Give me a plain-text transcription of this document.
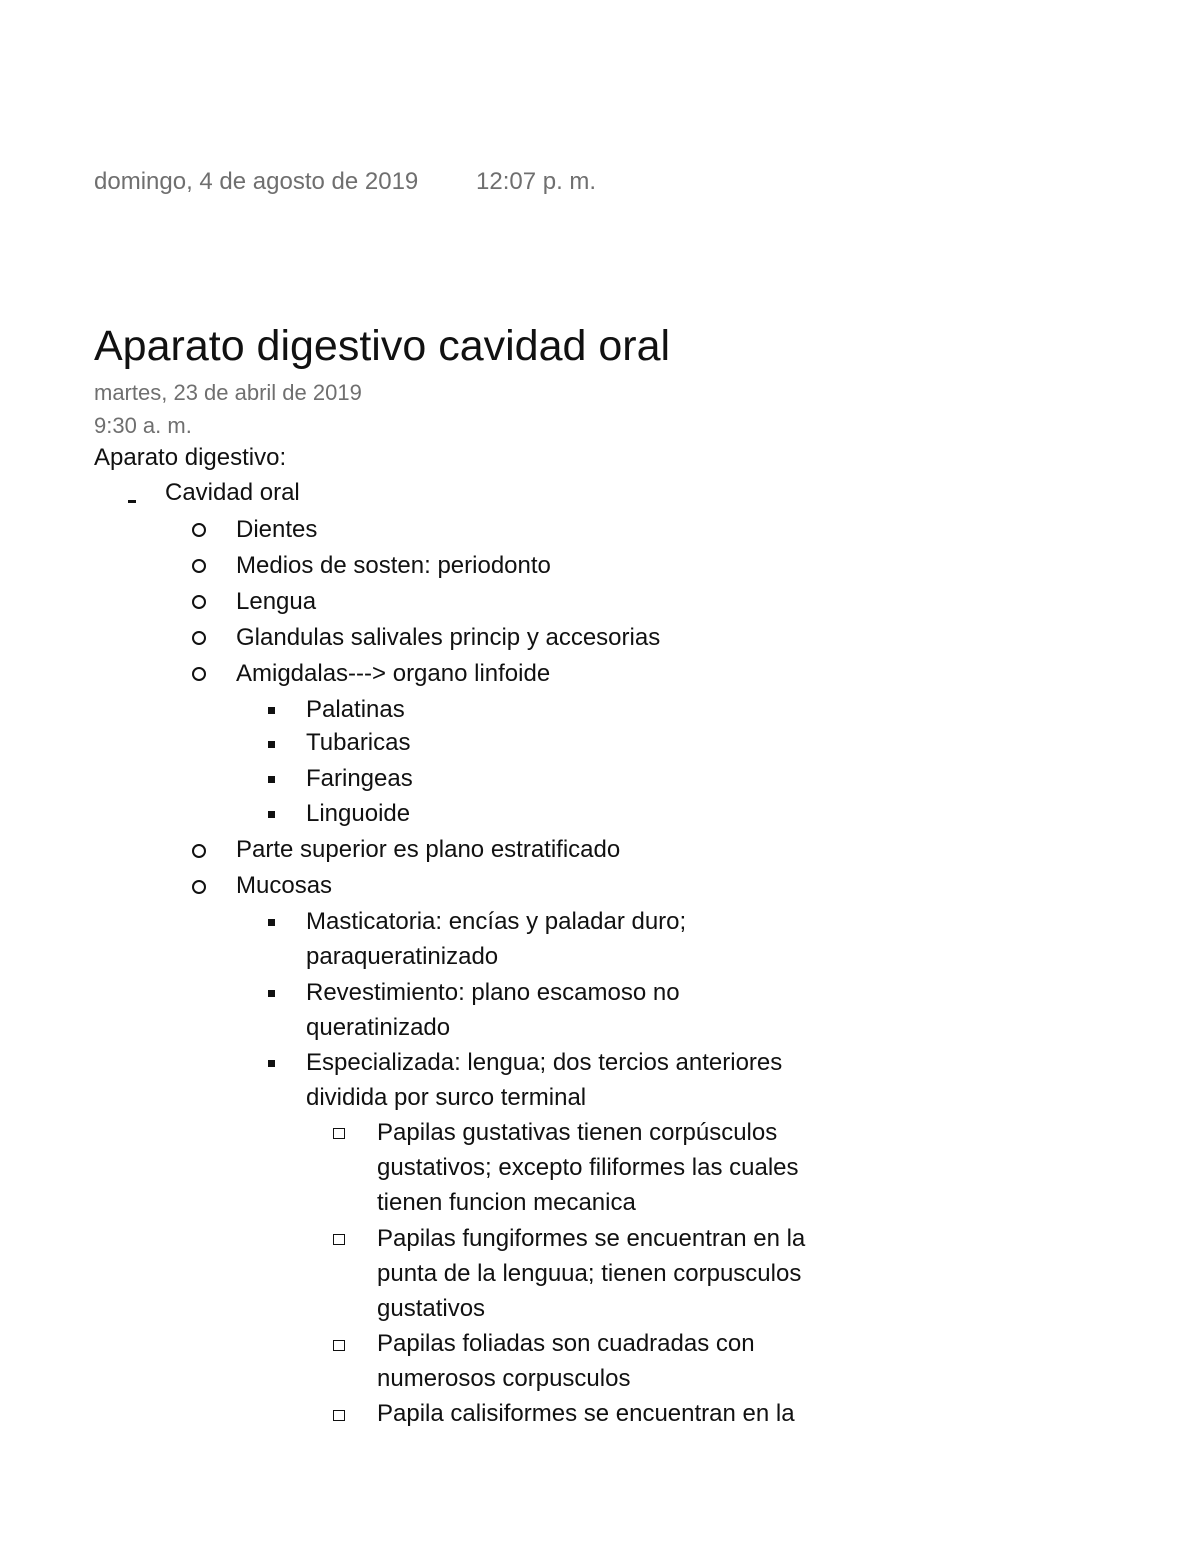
domingo, 4 de agosto de 2019 12:07 p. m.
Aparato digestivo cavidad oral
martes, 23 de abril de 2019
9:30 a. m.
Aparato digestivo:
Cavidad oral
Dientes
Medios de sosten: periodonto
Lengua
Glandulas salivales princip y accesorias
Amigdalas---> organo linfoide
Palatinas
Tubaricas
Faringeas
Linguoide
Parte superior es plano estratificado
Mucosas
Masticatoria: encías y paladar duro;
paraqueratinizado
Revestimiento: plano escamoso no
queratinizado
Especializada: lengua; dos tercios anteriores
dividida por surco terminal
Papilas gustativas tienen corpúsculos
gustativos; excepto filiformes las cuales
tienen funcion mecanica
Papilas fungiformes se encuentran en la
punta de la lenguua; tienen corpusculos
gustativos
Papilas foliadas son cuadradas con
numerosos corpusculos
Papila calisiformes se encuentran en la
